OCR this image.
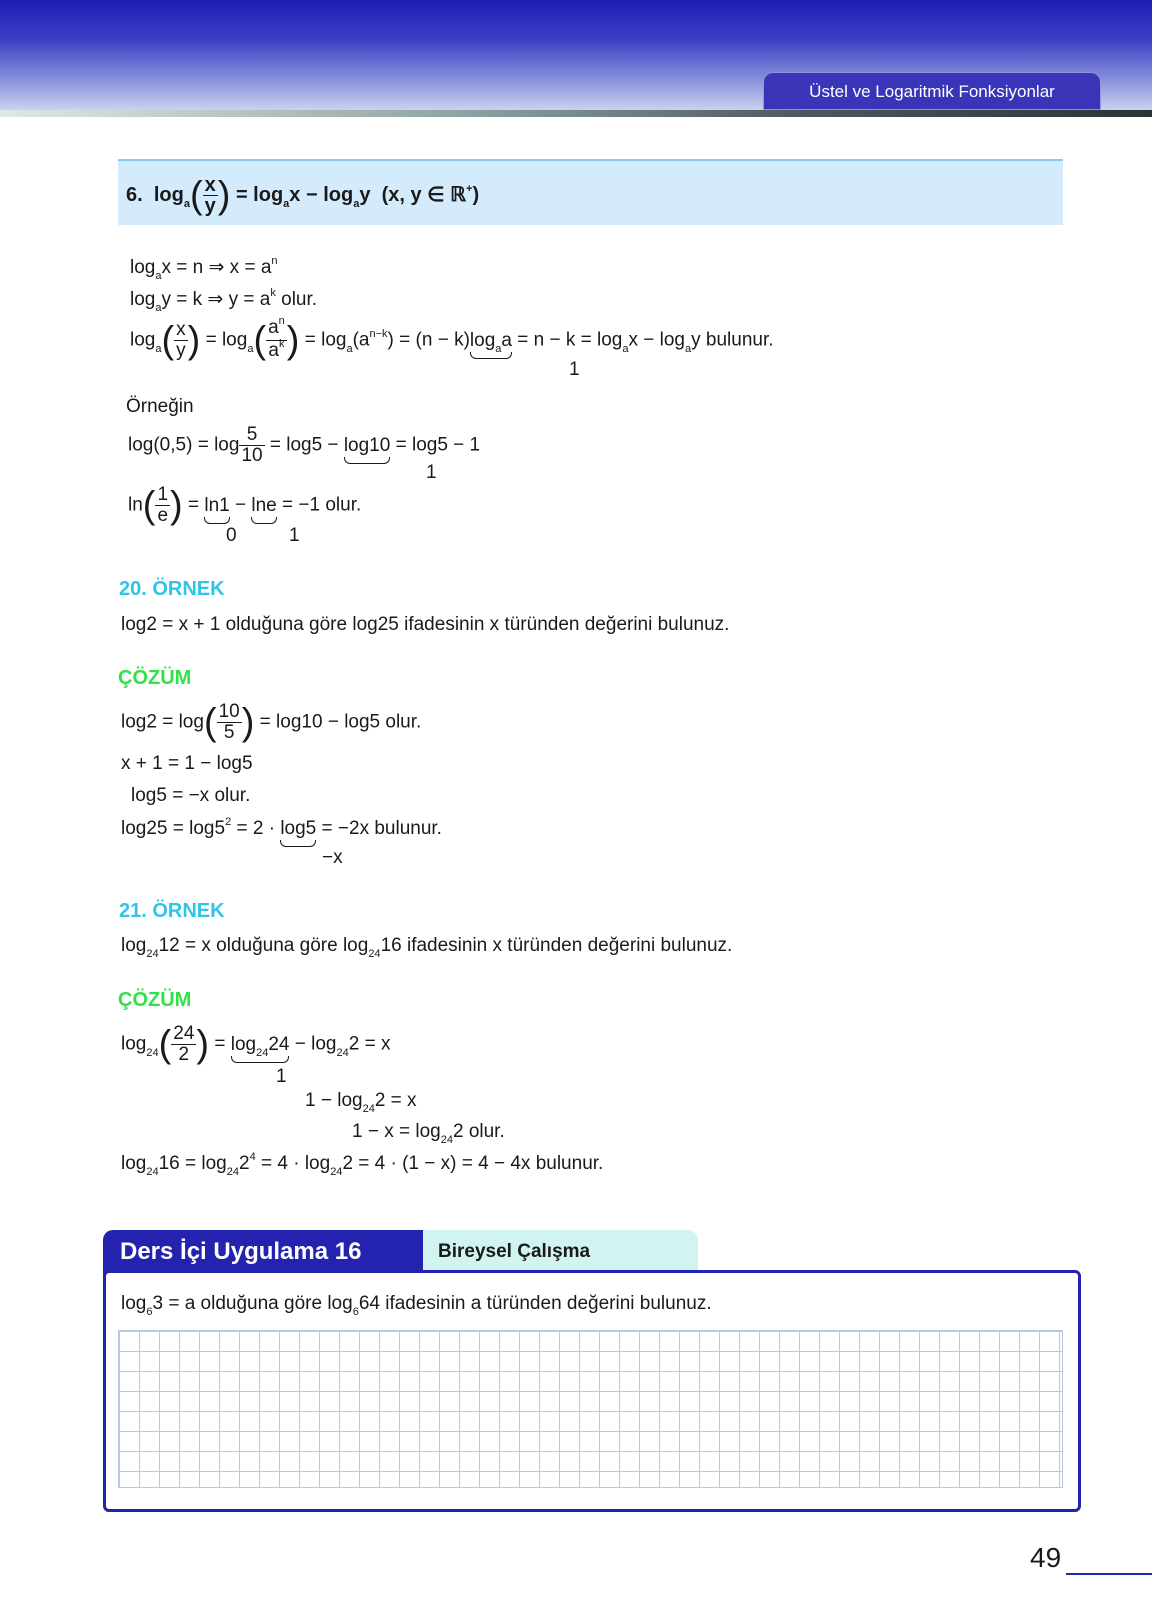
Üstel ve Logaritmik Fonksiyonlar
6. $\log_a( \frac{x}{y}$ ) = $\log_ax - \log_ay$ (x, y ∈ ℝ+)
$\log_ax = n$ ⇒ $x = a^n$
$\log_ay = k$ ⇒ $y = a^k$ olur.
$\log_a( \frac{x}{y}$ ) = $\log_a( \frac{a^n}{a^k}$ ) = $\log_a(a^{n-k}) = (n - k)\log_aa = n - k = \log_ax - \log_ay$ bulunur.
1
Örneğin
$\log(0,5) = \log \frac{5}{10} = \log 5 - \log 10 = \log 5 - 1$
1
$\ln( \frac{1}{e}$ ) = ln1 − lne = −1 olur.
0	1
20. ÖRNEK
log2 = x + 1 olduğuna göre log25 ifadesinin x türünden değerini bulunuz.
ÇÖZÜM
$\log 2 = \log( \frac{10}{5}$ ) = log10 − log5 olur.
x + 1 = 1 − log5
log5 = −x olur.
$\log 25 = \log 5^2 = 2 \cdot \log 5 = -2x$ bulunur.
−x
21. ÖRNEK
$\log_{24}12 = x$ olduğuna göre $\log_{24}16$ ifadesinin x türünden değerini bulunuz.
ÇÖZÜM
$\log_{24}( \frac{24}{2}$ ) = $\log_{24}24 - \log_{24}2 = x$
1
$1 - \log_{24}2 = x$
$1 - x = \log_{24}2$ olur.
$\log_{24}16 = \log_{24}2^4 = 4 \cdot \log_{24}2 = 4 \cdot (1 - x) = 4 - 4x$ bulunur.
Ders İçi Uygulama 16	Bireysel Çalışma
$\log_63 = a$ olduğuna göre $\log_664$ ifadesinin a türünden değerini bulunuz.
49
